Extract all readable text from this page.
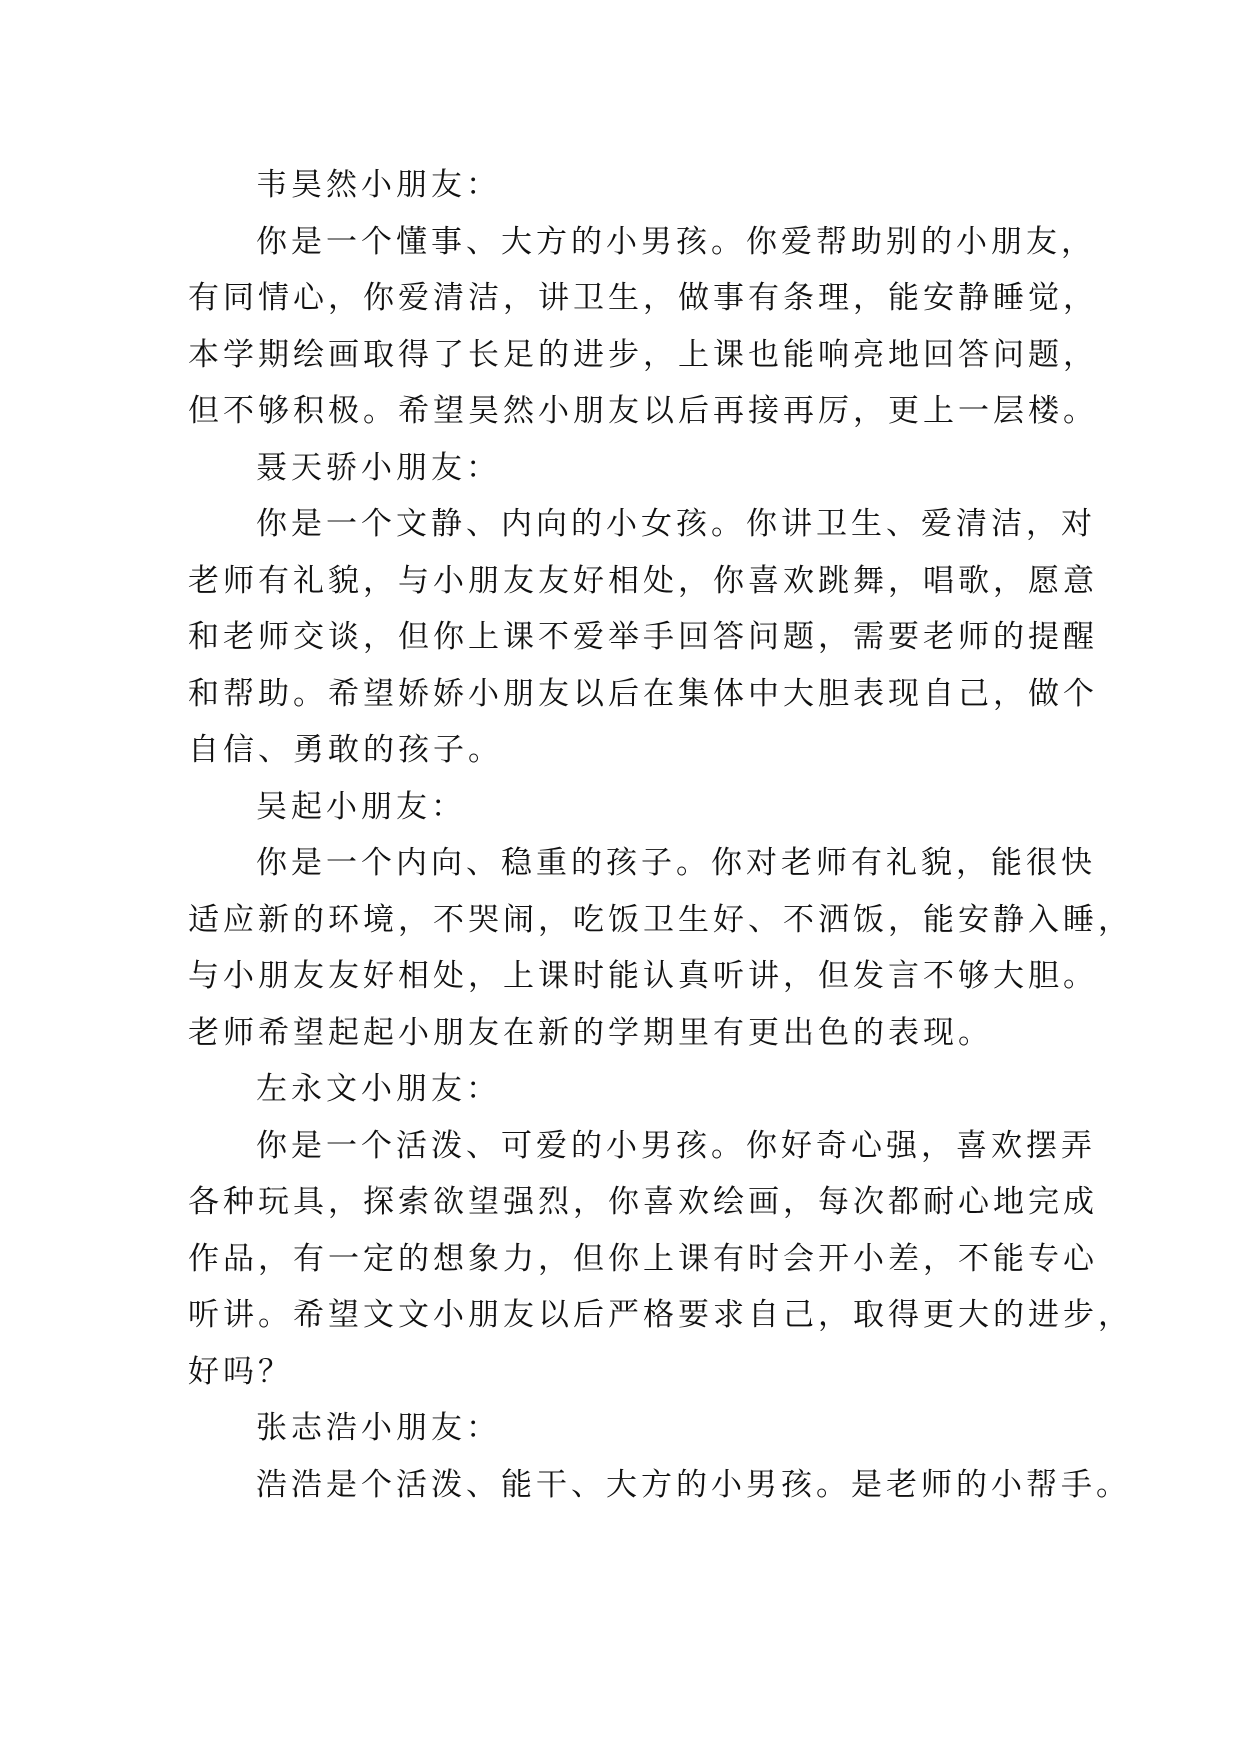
韦昊然小朋友：
你是一个懂事、大方的小男孩。你爱帮助别的小朋友，
有同情心，你爱清洁，讲卫生，做事有条理，能安静睡觉，
本学期绘画取得了长足的进步，上课也能响亮地回答问题，
但不够积极。希望昊然小朋友以后再接再厉，更上一层楼。
聂天骄小朋友：
你是一个文静、内向的小女孩。你讲卫生、爱清洁，对
老师有礼貌，与小朋友友好相处，你喜欢跳舞，唱歌，愿意
和老师交谈，但你上课不爱举手回答问题，需要老师的提醒
和帮助。希望娇娇小朋友以后在集体中大胆表现自己，做个
自信、勇敢的孩子。
吴起小朋友：
你是一个内向、稳重的孩子。你对老师有礼貌，能很快
适应新的环境，不哭闹，吃饭卫生好、不洒饭，能安静入睡，
与小朋友友好相处，上课时能认真听讲，但发言不够大胆。
老师希望起起小朋友在新的学期里有更出色的表现。
左永文小朋友：
你是一个活泼、可爱的小男孩。你好奇心强，喜欢摆弄
各种玩具，探索欲望强烈，你喜欢绘画，每次都耐心地完成
作品，有一定的想象力，但你上课有时会开小差，不能专心
听讲。希望文文小朋友以后严格要求自己，取得更大的进步，
好吗？
张志浩小朋友：
浩浩是个活泼、能干、大方的小男孩。是老师的小帮手。
